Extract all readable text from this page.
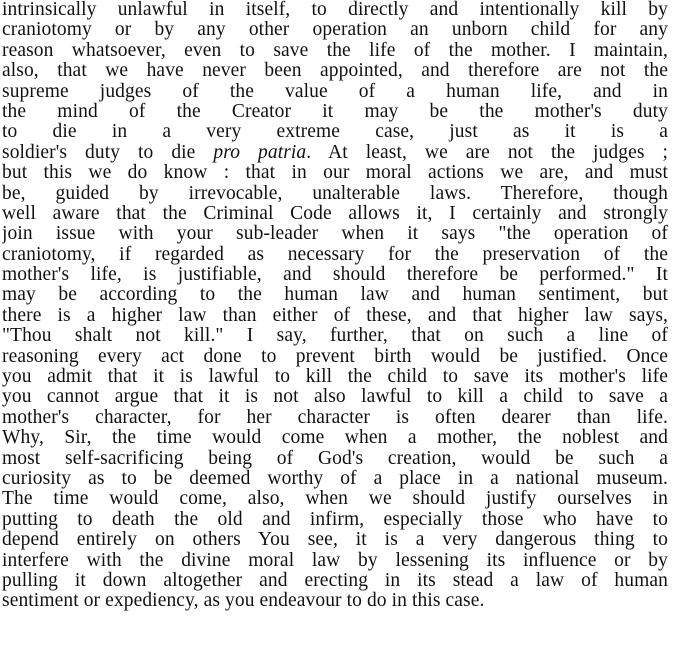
intrinsically unlawful in itself, to directly and intentionally kill by
craniotomy or by any other operation an unborn child for any
reason whatsoever, even to save the life of the mother. I maintain,
also, that we have never been appointed, and therefore are not the
supreme judges of the value of a human life, and in
the mind of the Creator it may be the mother's duty
to die in a very extreme case, just as it is a
soldier's duty to die pro patria. At least, we are not the judges ;
but this we do know : that in our moral actions we are, and must
be, guided by irrevocable, unalterable laws. Therefore, though
well aware that the Criminal Code allows it, I certainly and strongly
join issue with your sub-leader when it says "the operation of
craniotomy, if regarded as necessary for the preservation of the
mother's life, is justifiable, and should therefore be performed." It
may be according to the human law and human sentiment, but
there is a higher law than either of these, and that higher law says,
"Thou shalt not kill." I say, further, that on such a line of
reasoning every act done to prevent birth would be justified. Once
you admit that it is lawful to kill the child to save its mother's life
you cannot argue that it is not also lawful to kill a child to save a
mother's character, for her character is often dearer than life.
Why, Sir, the time would come when a mother, the noblest and
most self-sacrificing being of God's creation, would be such a
curiosity as to be deemed worthy of a place in a national museum.
The time would come, also, when we should justify ourselves in
putting to death the old and infirm, especially those who have to
depend entirely on others You see, it is a very dangerous thing to
interfere with the divine moral law by lessening its influence or by
pulling it down altogether and erecting in its stead a law of human
sentiment or expediency, as you endeavour to do in this case.
